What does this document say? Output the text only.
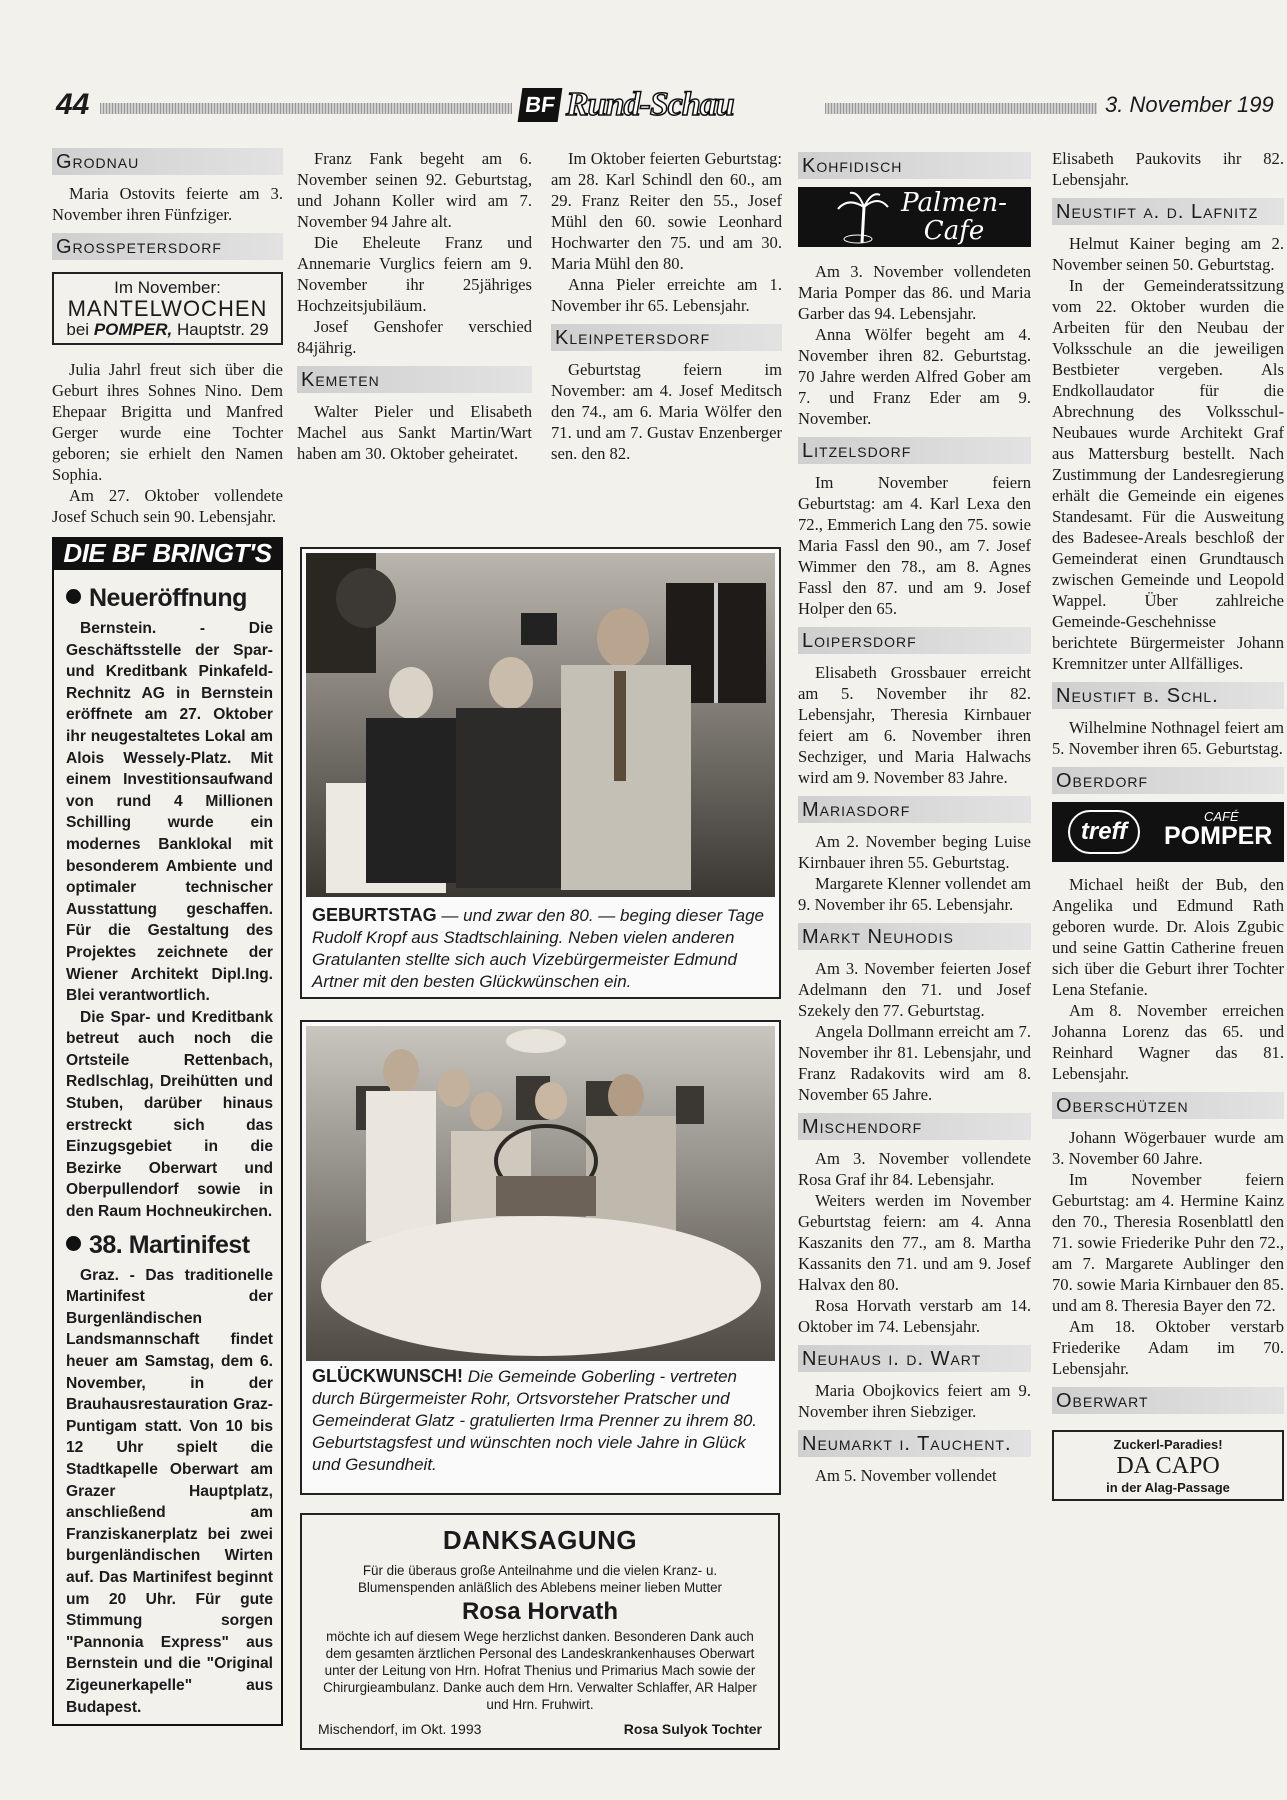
44	BF Rund-Schau	3. November 199
Grodnau

Maria Ostovits feierte am 3. November ihren Fünfziger.

Grosspetersdorf
Im November:
MANTELWOCHEN
bei POMPER, Hauptstr. 29

Julia Jahrl freut sich über die Geburt ihres Sohnes Nino. Dem Ehepaar Brigitta und Manfred Gerger wurde eine Tochter geboren; sie erhielt den Namen Sophia.

Am 27. Oktober vollendete Josef Schuch sein 90. Lebensjahr.

DIE BF BRINGT'S
Neueröffnung

Bernstein. - Die Geschäftsstelle der Spar- und Kreditbank Pinkafeld-Rechnitz AG in Bernstein eröffnete am 27. Oktober ihr neugestaltetes Lokal am Alois Wessely-Platz. Mit einem Investitionsaufwand von rund 4 Millionen Schilling wurde ein modernes Banklokal mit besonderem Ambiente und optimaler technischer Ausstattung geschaffen. Für die Gestaltung des Projektes zeichnete der Wiener Architekt Dipl.Ing. Blei verantwortlich.

Die Spar- und Kreditbank betreut auch noch die Ortsteile Rettenbach, Redlschlag, Dreihütten und Stuben, darüber hinaus erstreckt sich das Einzugsgebiet in die Bezirke Oberwart und Oberpullendorf sowie in den Raum Hochneukirchen.

38. Martinifest

Graz. - Das traditionelle Martinifest der Burgenländischen Landsmannschaft findet heuer am Samstag, dem 6. November, in der Brauhausrestauration Graz-Puntigam statt. Von 10 bis 12 Uhr spielt die Stadtkapelle Oberwart am Grazer Hauptplatz, anschließend am Franziskanerplatz bei zwei burgenländischen Wirten auf. Das Martinifest beginnt um 20 Uhr. Für gute Stimmung sorgen "Pannonia Express" aus Bernstein und die "Original Zigeunerkapelle" aus Budapest.

Franz Fank begeht am 6. November seinen 92. Geburtstag, und Johann Koller wird am 7. November 94 Jahre alt.

Die Eheleute Franz und Annemarie Vurglics feiern am 9. November ihr 25jähriges Hochzeitsjubiläum.

Josef Genshofer verschied 84jährig.

Kemeten

Walter Pieler und Elisabeth Machel aus Sankt Martin/Wart haben am 30. Oktober geheiratet.

Im Oktober feierten Geburtstag: am 28. Karl Schindl den 60., am 29. Franz Reiter den 55., Josef Mühl den 60. sowie Leonhard Hochwarter den 75. und am 30. Maria Mühl den 80.

Anna Pieler erreichte am 1. November ihr 65. Lebensjahr.

Kleinpetersdorf

Geburtstag feiern im November: am 4. Josef Meditsch den 74., am 6. Maria Wölfer den 71. und am 7. Gustav Enzenberger sen. den 82.

GEBURTSTAG — und zwar den 80. — beging dieser Tage Rudolf Kropf aus Stadtschlaining. Neben vielen anderen Gratulanten stellte sich auch Vizebürgermeister Edmund Artner mit den besten Glückwünschen ein.
GLÜCKWUNSCH! Die Gemeinde Goberling - vertreten durch Bürgermeister Rohr, Ortsvorsteher Pratscher und Gemeinderat Glatz - gratulierten Irma Prenner zu ihrem 80. Geburtstagsfest und wünschten noch viele Jahre in Glück und Gesundheit.
DANKSAGUNG
Für die überaus große Anteilnahme und die vielen Kranz- u. Blumenspenden anläßlich des Ablebens meiner lieben Mutter
Rosa Horvath
möchte ich auf diesem Wege herzlichst danken. Besonderen Dank auch dem gesamten ärztlichen Personal des Landeskrankenhauses Oberwart unter der Leitung von Hrn. Hofrat Thenius und Primarius Mach sowie der Chirurgieambulanz. Danke auch dem Hrn. Verwalter Schlaffer, AR Halper und Hrn. Fruhwirt.
Mischendorf, im Okt. 1993	Rosa Sulyok Tochter
Kohfidisch
Palmen-
Cafe

Am 3. November vollendeten Maria Pomper das 86. und Maria Garber das 94. Lebensjahr.

Anna Wölfer begeht am 4. November ihren 82. Geburtstag. 70 Jahre werden Alfred Gober am 7. und Franz Eder am 9. November.

Litzelsdorf

Im November feiern Geburtstag: am 4. Karl Lexa den 72., Emmerich Lang den 75. sowie Maria Fassl den 90., am 7. Josef Wimmer den 78., am 8. Agnes Fassl den 87. und am 9. Josef Holper den 65.

Loipersdorf

Elisabeth Grossbauer erreicht am 5. November ihr 82. Lebensjahr, Theresia Kirnbauer feiert am 6. November ihren Sechziger, und Maria Halwachs wird am 9. November 83 Jahre.

Mariasdorf

Am 2. November beging Luise Kirnbauer ihren 55. Geburtstag.

Margarete Klenner vollendet am 9. November ihr 65. Lebensjahr.

Markt Neuhodis

Am 3. November feierten Josef Adelmann den 71. und Josef Szekely den 77. Geburtstag.

Angela Dollmann erreicht am 7. November ihr 81. Lebensjahr, und Franz Radakovits wird am 8. November 65 Jahre.

Mischendorf

Am 3. November vollendete Rosa Graf ihr 84. Lebensjahr.

Weiters werden im November Geburtstag feiern: am 4. Anna Kaszanits den 77., am 8. Martha Kassanits den 71. und am 9. Josef Halvax den 80.

Rosa Horvath verstarb am 14. Oktober im 74. Lebensjahr.

Neuhaus i. d. Wart

Maria Obojkovics feiert am 9. November ihren Siebziger.

Neumarkt i. Tauchent.

Am 5. November vollendet

Elisabeth Paukovits ihr 82. Lebensjahr.

Neustift a. d. Lafnitz

Helmut Kainer beging am 2. November seinen 50. Geburtstag.

In der Gemeinderatssitzung vom 22. Oktober wurden die Arbeiten für den Neubau der Volksschule an die jeweiligen Bestbieter vergeben. Als Endkollaudator für die Abrechnung des Volksschul-Neubaues wurde Architekt Graf aus Mattersburg bestellt. Nach Zustimmung der Landesregierung erhält die Gemeinde ein eigenes Standesamt. Für die Ausweitung des Badesee-Areals beschloß der Gemeinderat einen Grundtausch zwischen Gemeinde und Leopold Wappel. Über zahlreiche Gemeinde-Geschehnisse berichtete Bürgermeister Johann Kremnitzer unter Allfälliges.

Neustift b. Schl.

Wilhelmine Nothnagel feiert am 5. November ihren 65. Geburtstag.

Oberdorf
treff
CAFÉ
POMPER

Michael heißt der Bub, den Angelika und Edmund Rath geboren wurde. Dr. Alois Zgubic und seine Gattin Catherine freuen sich über die Geburt ihrer Tochter Lena Stefanie.

Am 8. November erreichen Johanna Lorenz das 65. und Reinhard Wagner das 81. Lebensjahr.

Oberschützen

Johann Wögerbauer wurde am 3. November 60 Jahre.

Im November feiern Geburtstag: am 4. Hermine Kainz den 70., Theresia Rosenblattl den 71. sowie Friederike Puhr den 72., am 7. Margarete Aublinger den 70. sowie Maria Kirnbauer den 85. und am 8. Theresia Bayer den 72.

Am 18. Oktober verstarb Friederike Adam im 70. Lebensjahr.

Oberwart
Zuckerl-Paradies!
DA CAPO
in der Alag-Passage
